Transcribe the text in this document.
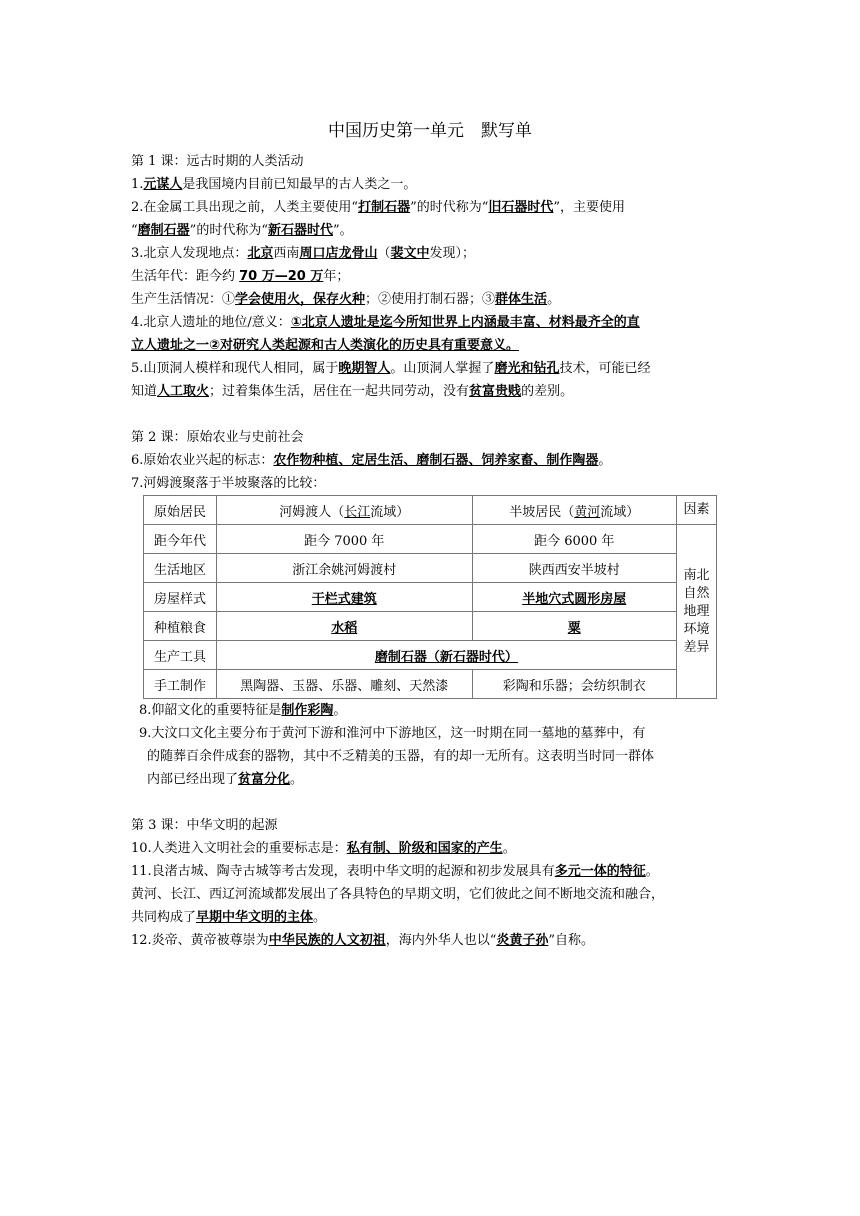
中国历史第一单元　默写单
第 1 课：远古时期的人类活动
1.元谋人是我国境内目前已知最早的古人类之一。
2.在金属工具出现之前，人类主要使用“打制石器”的时代称为“旧石器时代”，主要使用
“磨制石器”的时代称为“新石器时代”。
3.北京人发现地点：北京西南周口店龙骨山（裴文中发现）；
生活年代：距今约 70 万—20 万年；
生产生活情况：①学会使用火，保存火种；②使用打制石器；③群体生活。
4.北京人遗址的地位/意义：①北京人遗址是迄今所知世界上内涵最丰富、材料最齐全的直
立人遗址之一②对研究人类起源和古人类演化的历史具有重要意义。
5.山顶洞人模样和现代人相同，属于晚期智人。山顶洞人掌握了磨光和钻孔技术，可能已经
知道人工取火；过着集体生活，居住在一起共同劳动，没有贫富贵贱的差别。
第 2 课：原始农业与史前社会
6.原始农业兴起的标志：农作物种植、定居生活、磨制石器、饲养家畜、制作陶器。
7.河姆渡聚落于半坡聚落的比较：
原始居民	河姆渡人（长江流域）	半坡居民（黄河流域）	因素
距今年代	距今 7000 年	距今 6000 年	南北
自然
地理
环境
差异

生活地区	浙江余姚河姆渡村	陕西西安半坡村	
房屋样式	干栏式建筑	半地穴式圆形房屋	
种植粮食	水稻	粟	
生产工具	磨制石器（新石器时代）		
手工制作	黑陶器、玉器、乐器、雕刻、天然漆	彩陶和乐器；会纺织制衣	
8.仰韶文化的重要特征是制作彩陶。
9.大汶口文化主要分布于黄河下游和淮河中下游地区，这一时期在同一墓地的墓葬中，有
的随葬百余件成套的器物，其中不乏精美的玉器，有的却一无所有。这表明当时同一群体
内部已经出现了贫富分化。
第 3 课：中华文明的起源
10.人类进入文明社会的重要标志是：私有制、阶级和国家的产生。
11.良渚古城、陶寺古城等考古发现，表明中华文明的起源和初步发展具有多元一体的特征。
黄河、长江、西辽河流域都发展出了各具特色的早期文明，它们彼此之间不断地交流和融合，
共同构成了早期中华文明的主体。
12.炎帝、黄帝被尊崇为中华民族的人文初祖，海内外华人也以“炎黄子孙”自称。
